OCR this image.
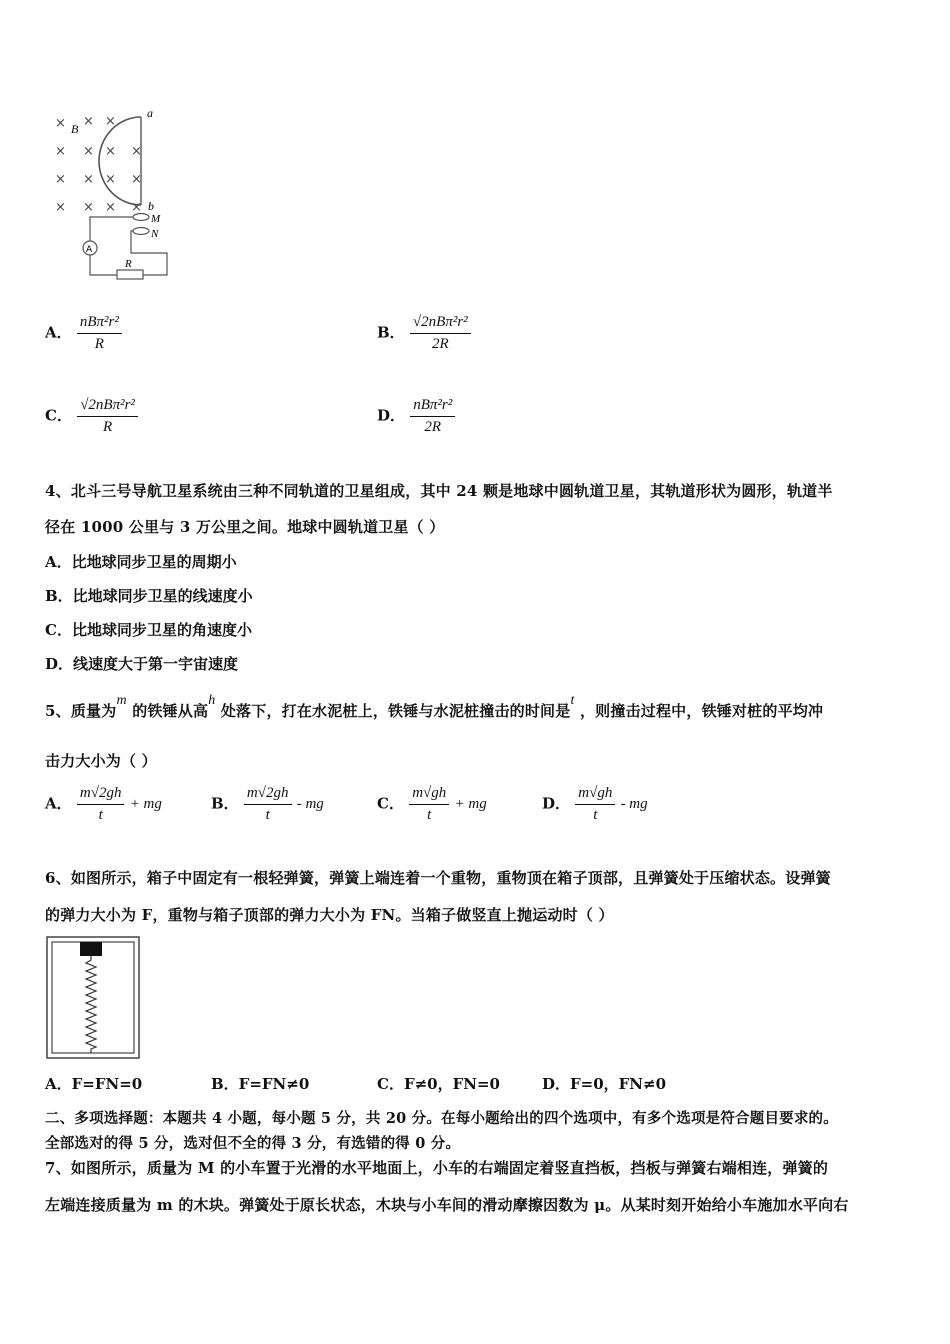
× × ×
× × × ×
× × × ×
× × × ×
B
a
b
M
N
A
R
A． $\frac{\text{nBπ²r²}}{R}$	B． $\frac{\text{√2nBπ²r²}}{2R}$
C． $\frac{\text{√2nBπ²r²}}{R}$	D． $\frac{\text{nBπ²r²}}{2R}$
4、北斗三号导航卫星系统由三种不同轨道的卫星组成，其中 24 颗是地球中圆轨道卫星，其轨道形状为圆形，轨道半
径在 1000 公里与 3 万公里之间。地球中圆轨道卫星（ ）
A．比地球同步卫星的周期小
B．比地球同步卫星的线速度小
C．比地球同步卫星的角速度小
D．线速度大于第一宇宙速度
5、质量为m 的铁锤从高h 处落下，打在水泥桩上，铁锤与水泥桩撞击的时间是t ，则撞击过程中，铁锤对桩的平均冲
击力大小为（ ）
A． $\frac{m√2gh}{t}$ + mg	B． $\frac{m√2gh}{t}$ - mg	C． $\frac{m√gh}{t}$ + mg	D． $\frac{m√gh}{t}$ - mg
6、如图所示，箱子中固定有一根轻弹簧，弹簧上端连着一个重物，重物顶在箱子顶部，且弹簧处于压缩状态。设弹簧
的弹力大小为 F，重物与箱子顶部的弹力大小为 FN。当箱子做竖直上抛运动时（ ）
A．F=FN=0	B．F=FN≠0	C．F≠0，FN=0	D．F=0，FN≠0
二、多项选择题：本题共 4 小题，每小题 5 分，共 20 分。在每小题给出的四个选项中，有多个选项是符合题目要求的。
全部选对的得 5 分，选对但不全的得 3 分，有选错的得 0 分。
7、如图所示，质量为 M 的小车置于光滑的水平地面上，小车的右端固定着竖直挡板，挡板与弹簧右端相连，弹簧的
左端连接质量为 m 的木块。弹簧处于原长状态，木块与小车间的滑动摩擦因数为 μ。从某时刻开始给小车施加水平向右
